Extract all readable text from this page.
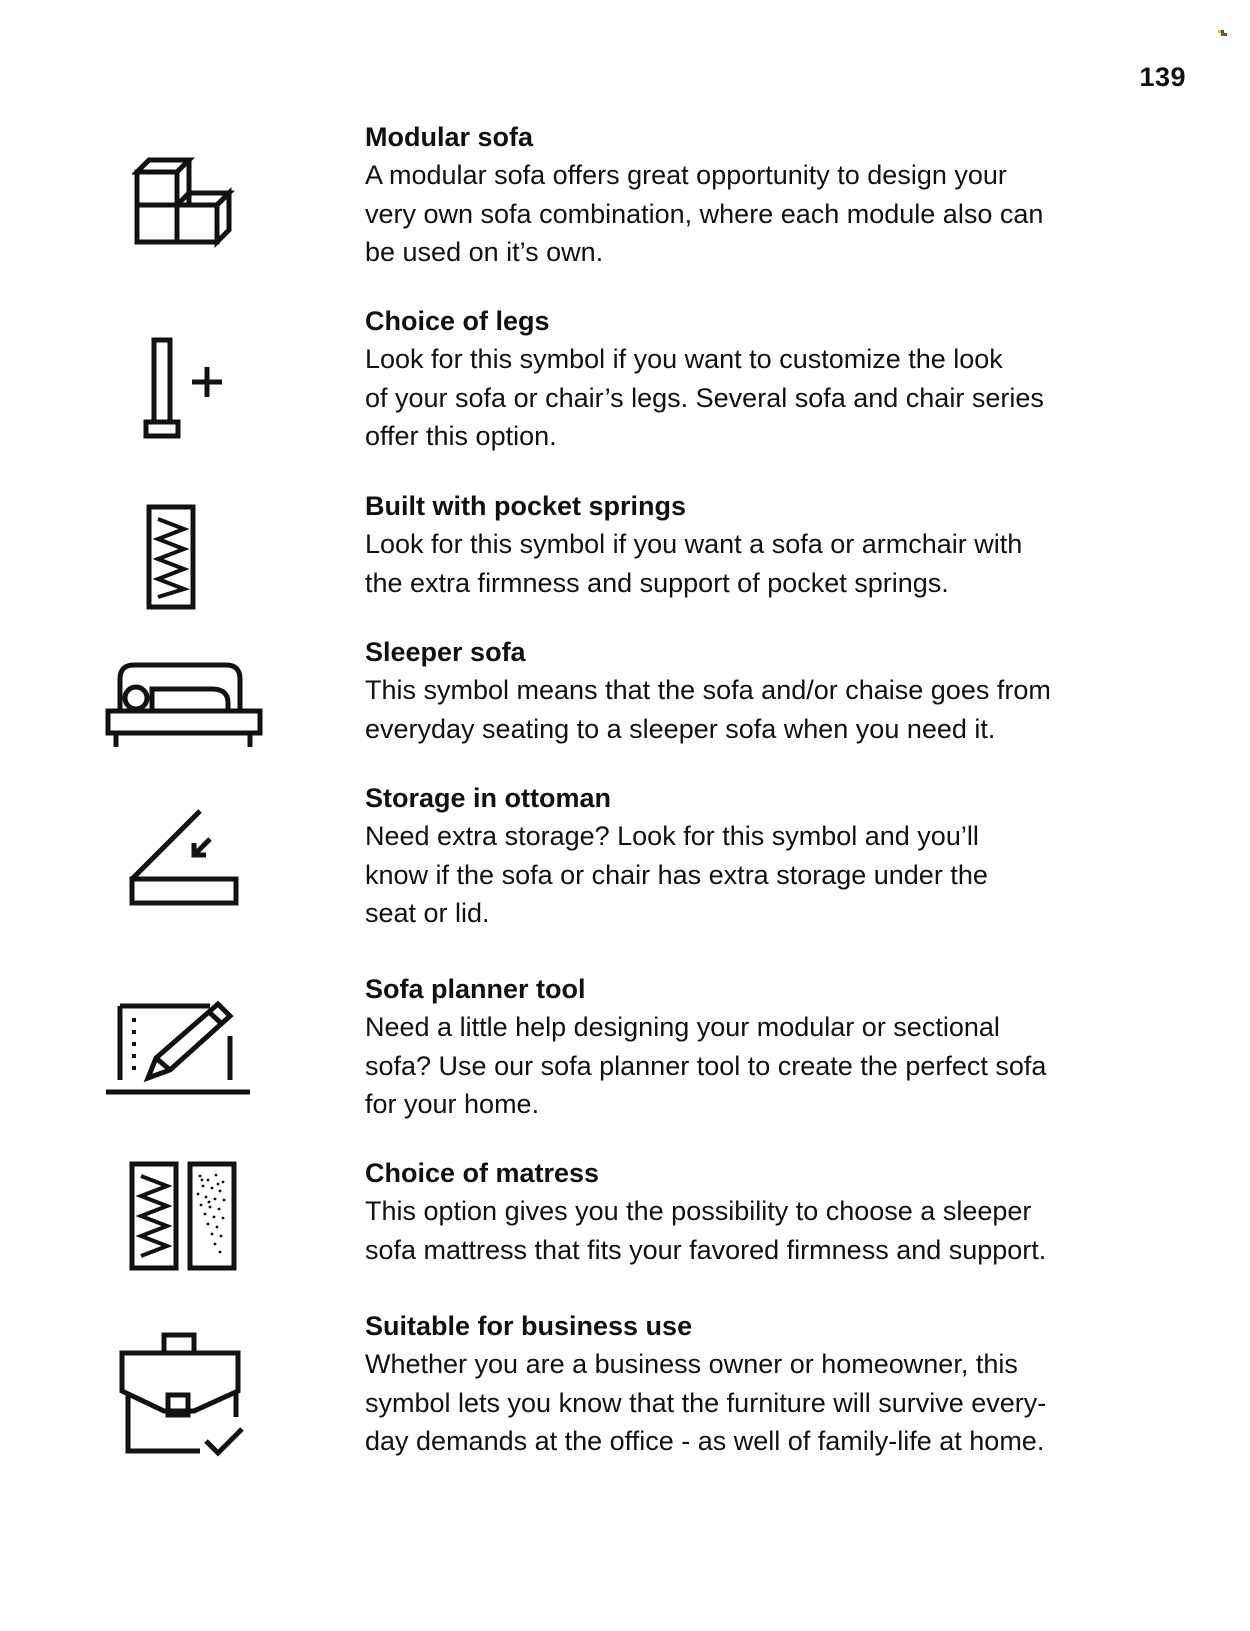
139

Modular sofa

A modular sofa offers great opportunity to design your

very own sofa combination, where each module also can

be used on it’s own.

Choice of legs

Look for this symbol if you want to customize the look

of your sofa or chair’s legs. Several sofa and chair series

offer this option.

Built with pocket springs

Look for this symbol if you want a sofa or armchair with

the extra firmness and support of pocket springs.

Sleeper sofa

This symbol means that the sofa and/or chaise goes from

everyday seating to a sleeper sofa when you need it.

Storage in ottoman

Need extra storage? Look for this symbol and you’ll

know if the sofa or chair has extra storage under the

seat or lid.

Sofa planner tool

Need a little help designing your modular or sectional

sofa? Use our sofa planner tool to create the perfect sofa

for your home.

Choice of matress

This option gives you the possibility to choose a sleeper

sofa mattress that fits your favored firmness and support.

Suitable for business use

Whether you are a business owner or homeowner, this

symbol lets you know that the furniture will survive every-

day demands at the office - as well of family-life at home.
